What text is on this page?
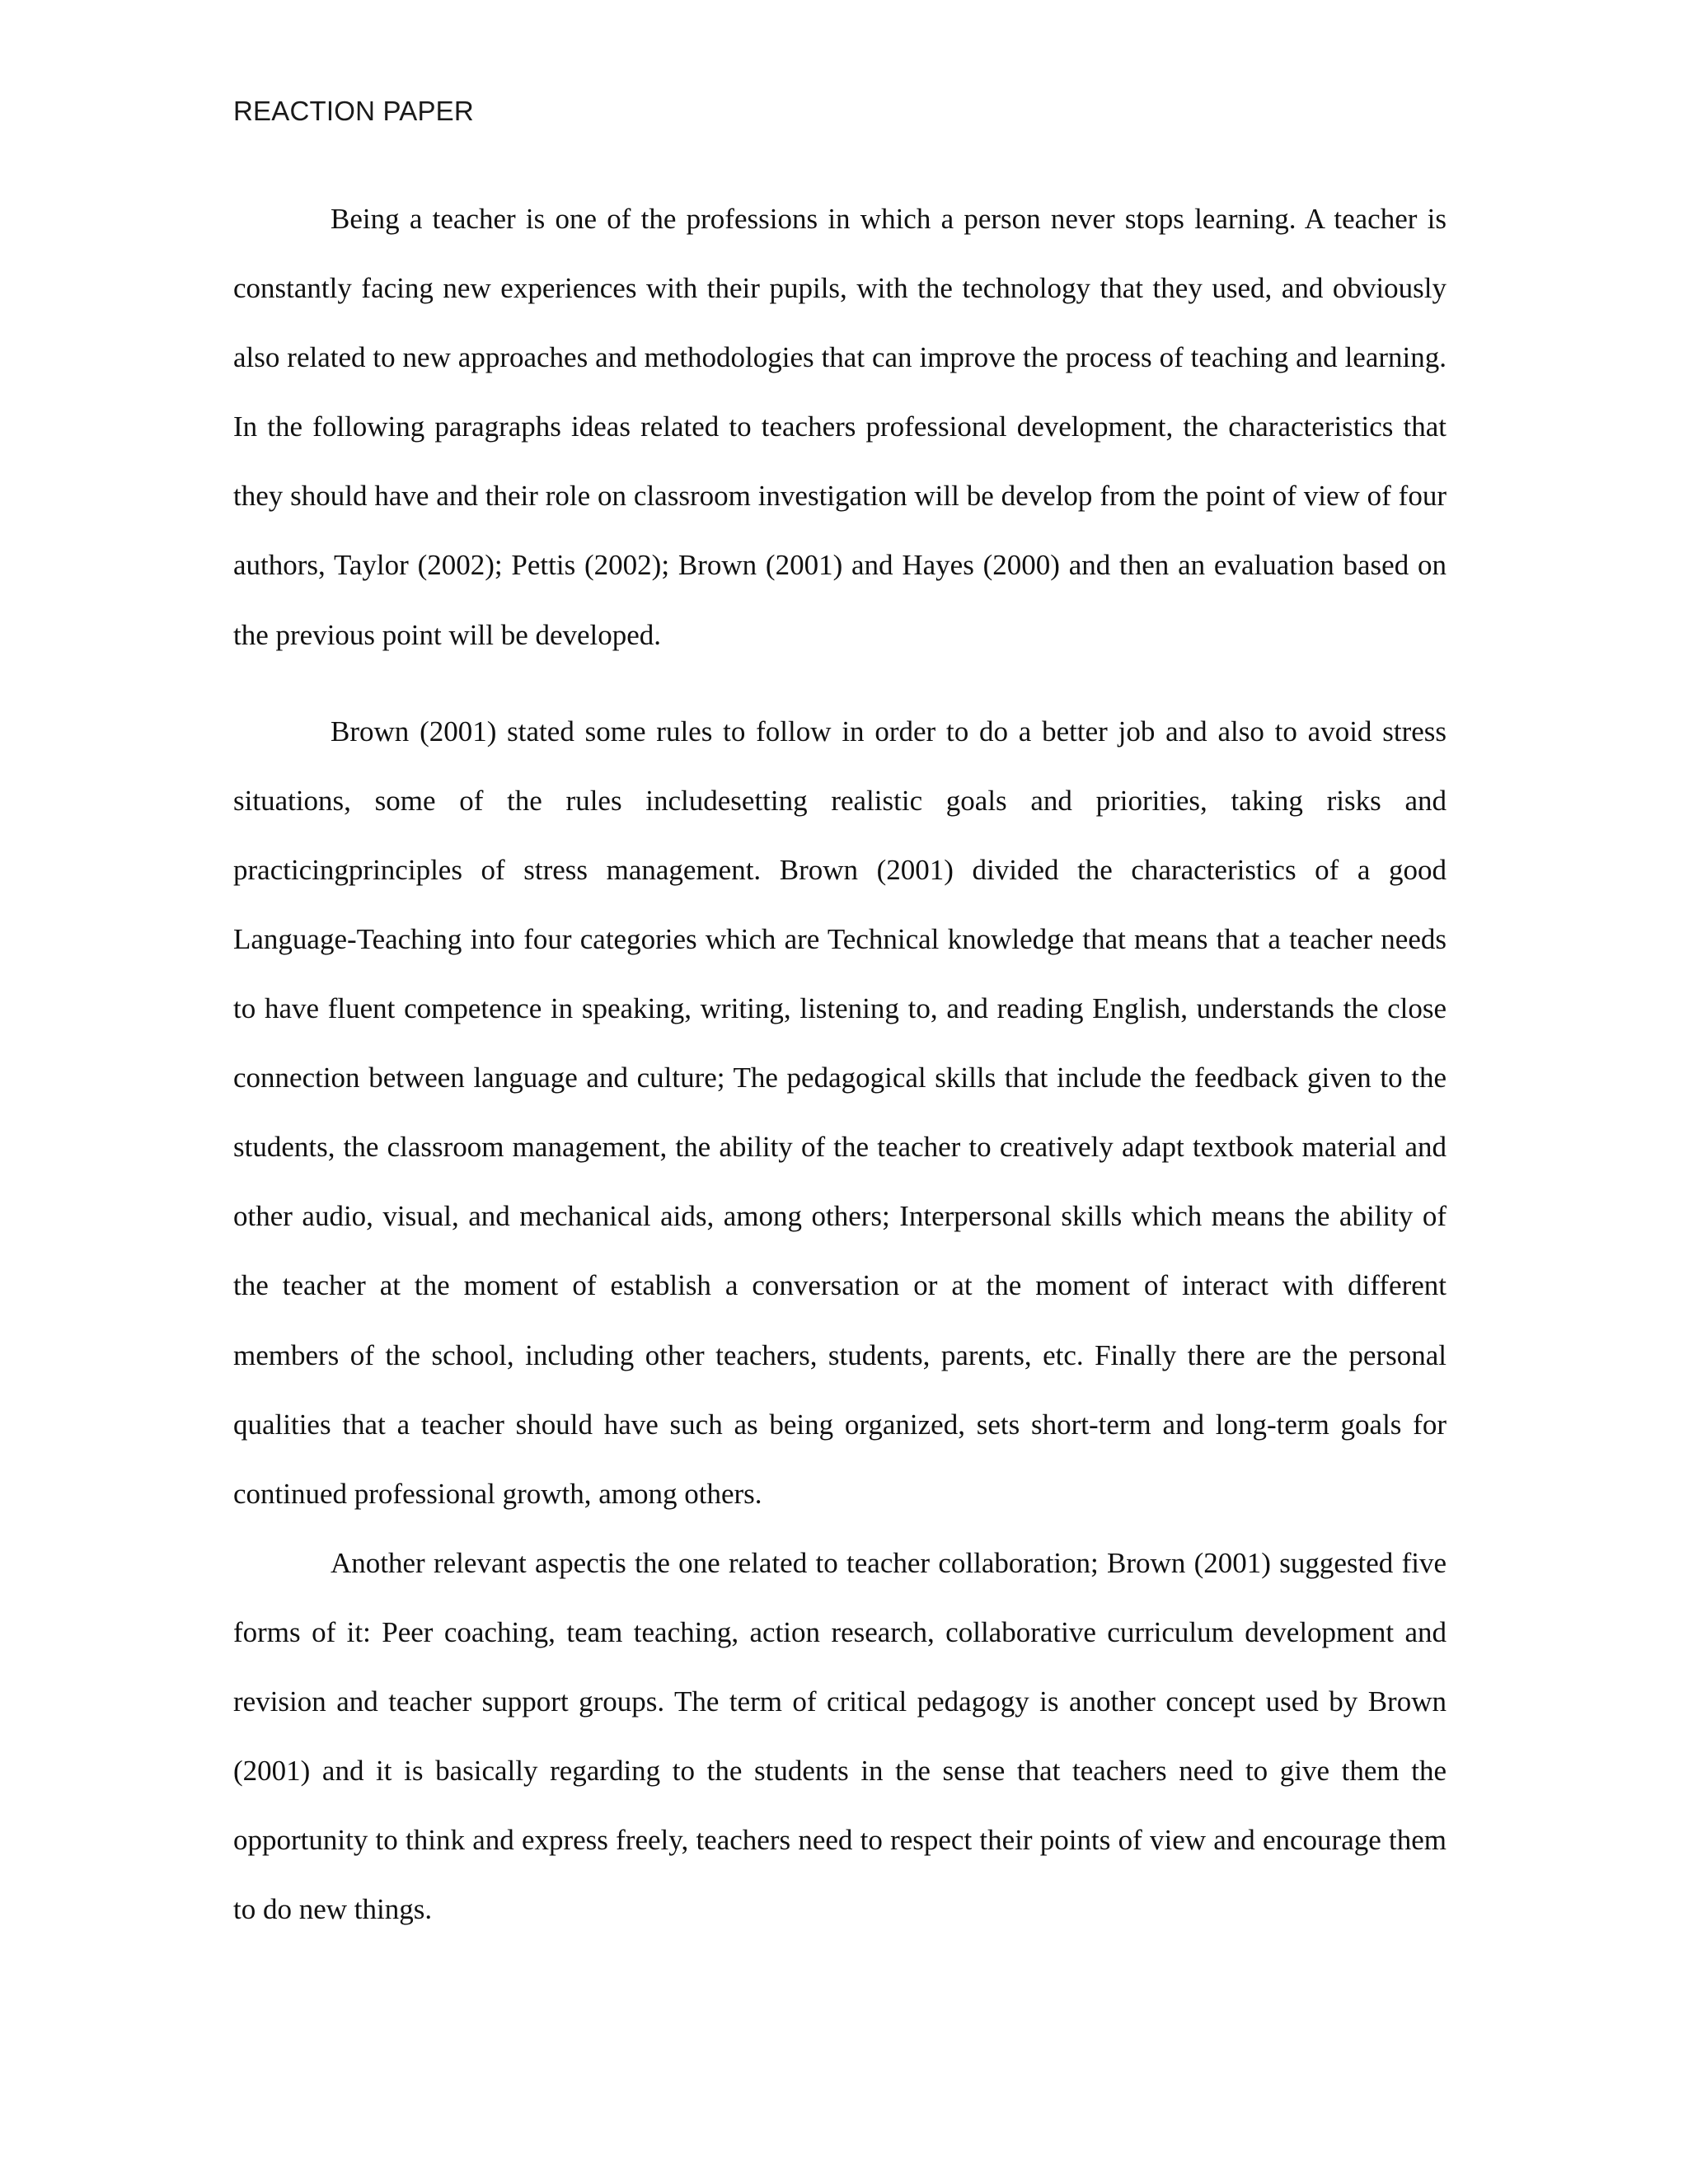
REACTION PAPER

Being a teacher is one of the professions in which a person never stops learning. A teacher is constantly facing new experiences with their pupils, with the technology that they used, and obviously also related to new approaches and methodologies that can improve the process of teaching and learning. In the following paragraphs ideas related to teachers professional development, the characteristics that they should have and their role on classroom investigation will be develop from the point of view of four authors, Taylor (2002); Pettis (2002); Brown (2001) and Hayes (2000) and then an evaluation based on the previous point will be developed.

Brown (2001) stated some rules to follow in order to do a better job and also to avoid stress situations, some of the rules includesetting realistic goals and priorities, taking risks and practicingprinciples of stress management. Brown (2001) divided the characteristics of a good Language-Teaching into four categories which are Technical knowledge that means that a teacher needs to have fluent competence in speaking, writing, listening to, and reading English, understands the close connection between language and culture; The pedagogical skills that include the feedback given to the students, the classroom management, the ability of the teacher to creatively adapt textbook material and other audio, visual, and mechanical aids, among others; Interpersonal skills which means the ability of the teacher at the moment of establish a conversation or at the moment of interact with different members of the school, including other teachers, students, parents, etc. Finally there are the personal qualities that a teacher should have such as being organized, sets short-term and long-term goals for continued professional growth, among others.

Another relevant aspectis the one related to teacher collaboration; Brown (2001) suggested five forms of it: Peer coaching, team teaching, action research, collaborative curriculum development and revision and teacher support groups. The term of critical pedagogy is another concept used by Brown (2001) and it is basically regarding to the students in the sense that teachers need to give them the opportunity to think and express freely, teachers need to respect their points of view and encourage them to do new things.
